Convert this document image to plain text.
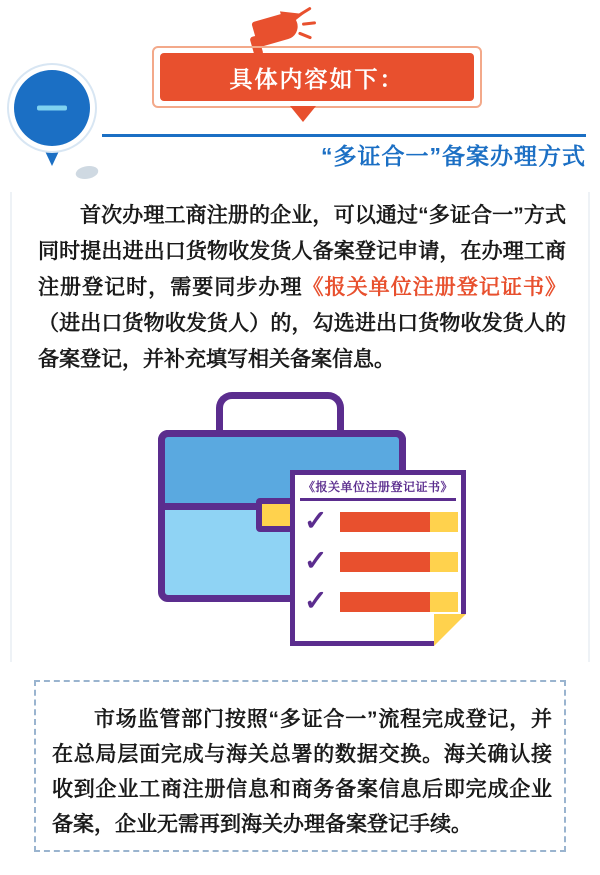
具体内容如下：
“多证合一”备案办理方式
首次办理工商注册的企业，可以通过“多证合一”方式同时提出进出口货物收发货人备案登记申请，在办理工商注册登记时，需要同步办理《报关单位注册登记证书》（进出口货物收发货人）的，勾选进出口货物收发货人的备案登记，并补充填写相关备案信息。
《报关单位注册登记证书》
✓
✓
✓
市场监管部门按照“多证合一”流程完成登记，并在总局层面完成与海关总署的数据交换。海关确认接收到企业工商注册信息和商务备案信息后即完成企业备案，企业无需再到海关办理备案登记手续。
